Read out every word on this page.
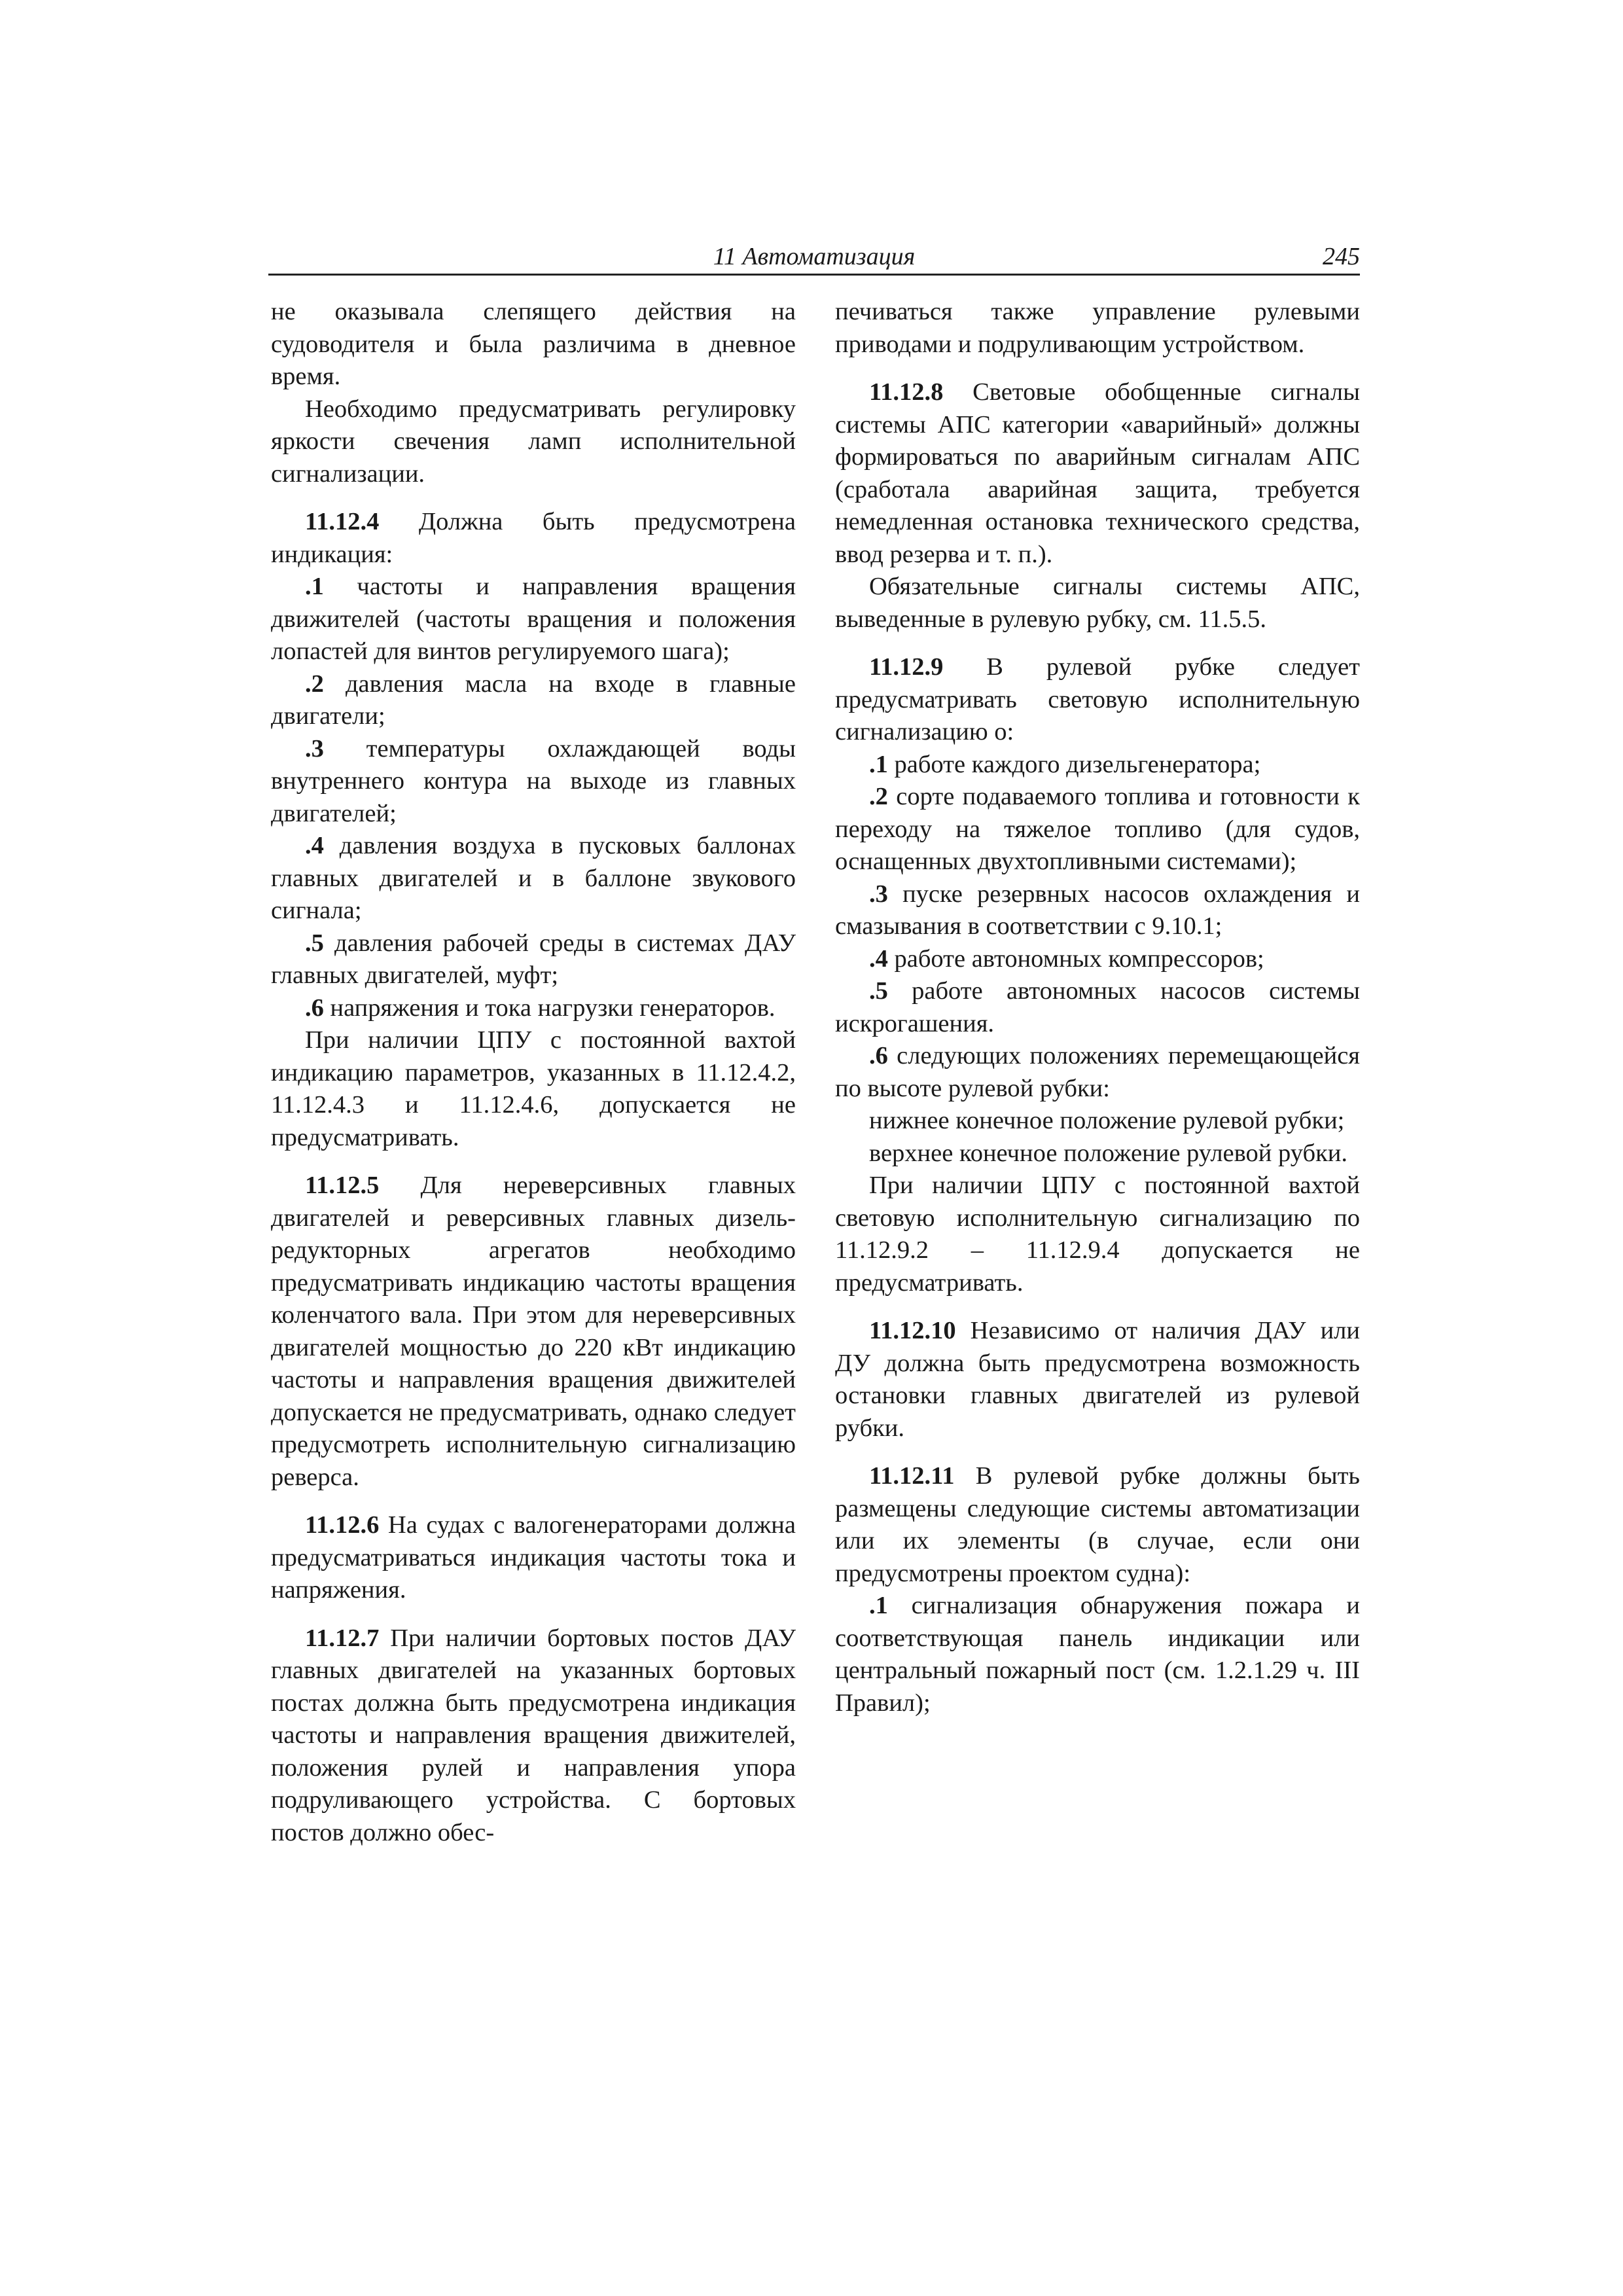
11 Автоматизация	245

не оказывала слепящего действия на судоводителя и была различима в дневное время.

Необходимо предусматривать регулировку яркости свечения ламп исполнительной сигнализации.

11.12.4 Должна быть предусмотрена индикация:

.1 частоты и направления вращения движителей (частоты вращения и положения лопастей для винтов регулируемого шага);

.2 давления масла на входе в главные двигатели;

.3 температуры охлаждающей воды внутреннего контура на выходе из главных двигателей;

.4 давления воздуха в пусковых баллонах главных двигателей и в баллоне звукового сигнала;

.5 давления рабочей среды в системах ДАУ главных двигателей, муфт;

.6 напряжения и тока нагрузки генераторов.

При наличии ЦПУ с постоянной вахтой индикацию параметров, указанных в 11.12.4.2, 11.12.4.3 и 11.12.4.6, допускается не предусматривать.

11.12.5 Для нереверсивных главных двигателей и реверсивных главных дизель-редукторных агрегатов необходимо предусматривать индикацию частоты вращения коленчатого вала. При этом для нереверсивных двигателей мощностью до 220 кВт индикацию частоты и направления вращения движителей допускается не предусматривать, однако следует предусмотреть исполнительную сигнализацию реверса.

11.12.6 На судах с валогенераторами должна предусматриваться индикация частоты тока и напряжения.

11.12.7 При наличии бортовых постов ДАУ главных двигателей на указанных бортовых постах должна быть предусмотрена индикация частоты и направления вращения движителей, положения рулей и направления упора подруливающего устройства. С бортовых постов должно обес-

печиваться также управление рулевыми приводами и подруливающим устройством.

11.12.8 Световые обобщенные сигналы системы АПС категории «аварийный» должны формироваться по аварийным сигналам АПС (сработала аварийная защита, требуется немедленная остановка технического средства, ввод резерва и т. п.).

Обязательные сигналы системы АПС, выведенные в рулевую рубку, см. 11.5.5.

11.12.9 В рулевой рубке следует предусматривать световую исполнительную сигнализацию о:

.1 работе каждого дизельгенератора;

.2 сорте подаваемого топлива и готовности к переходу на тяжелое топливо (для судов, оснащенных двухтопливными системами);

.3 пуске резервных насосов охлаждения и смазывания в соответствии с 9.10.1;

.4 работе автономных компрессоров;

.5 работе автономных насосов системы искрогашения.

.6 следующих положениях перемещающейся по высоте рулевой рубки:

нижнее конечное положение рулевой рубки;

верхнее конечное положение рулевой рубки.

При наличии ЦПУ с постоянной вахтой световую исполнительную сигнализацию по 11.12.9.2 – 11.12.9.4 допускается не предусматривать.

11.12.10 Независимо от наличия ДАУ или ДУ должна быть предусмотрена возможность остановки главных двигателей из рулевой рубки.

11.12.11 В рулевой рубке должны быть размещены следующие системы автоматизации или их элементы (в случае, если они предусмотрены проектом судна):

.1 сигнализация обнаружения пожара и соответствующая панель индикации или центральный пожарный пост (см. 1.2.1.29 ч. III Правил);
